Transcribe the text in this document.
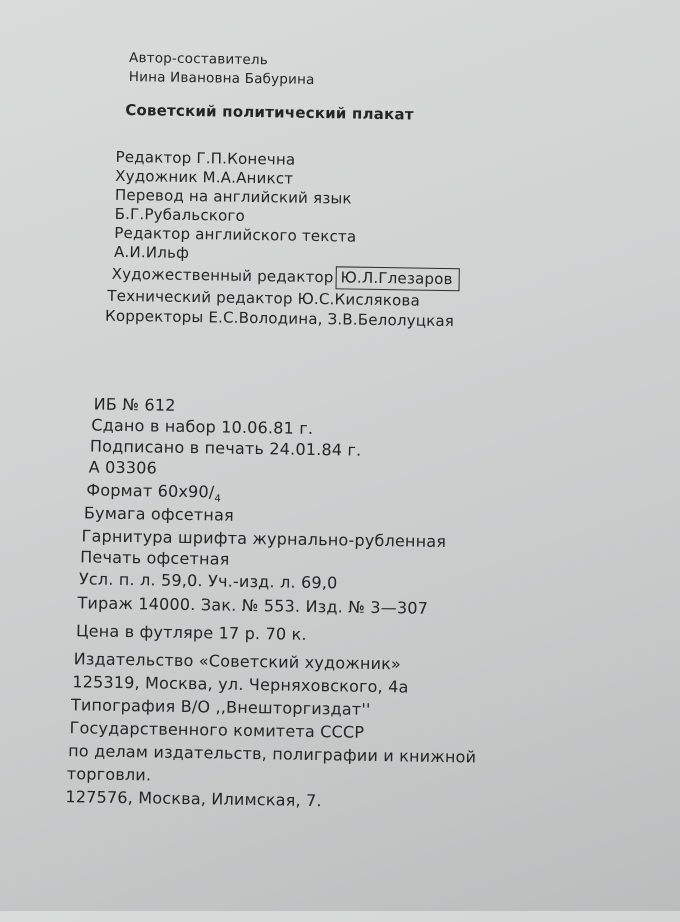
Автор-составитель
Нина Ивановна Бабурина
Советский политический плакат
Редактор Г.П.Конечна
Художник М.А.Аникст
Перевод на английский язык
Б.Г.Рубальского
Редактор английского текста
А.И.Ильф
Художественный редактор Ю.Л.Глезаров
Технический редактор Ю.С.Кислякова
Корректоры Е.С.Володина, З.В.Белолуцкая
ИБ № 612
Сдано в набор 10.06.81 г.
Подписано в печать 24.01.84 г.
А 03306
Формат $60x90/_4$
Бумага офсетная
Гарнитура шрифта журнально-рубленная
Печать офсетная
Усл. п. л. 59,0. Уч.-изд. л. 69,0
Тираж 14000. Зак. № 553. Изд. № 3—307
Цена в футляре 17 р. 70 к.
Издательство «Советский художник»
125319, Москва, ул. Черняховского, 4а
Типография В/О ,,Внешторгиздат''
Государственного комитета СССР
по делам издательств, полиграфии и книжной
торговли.
127576, Москва, Илимская, 7.
